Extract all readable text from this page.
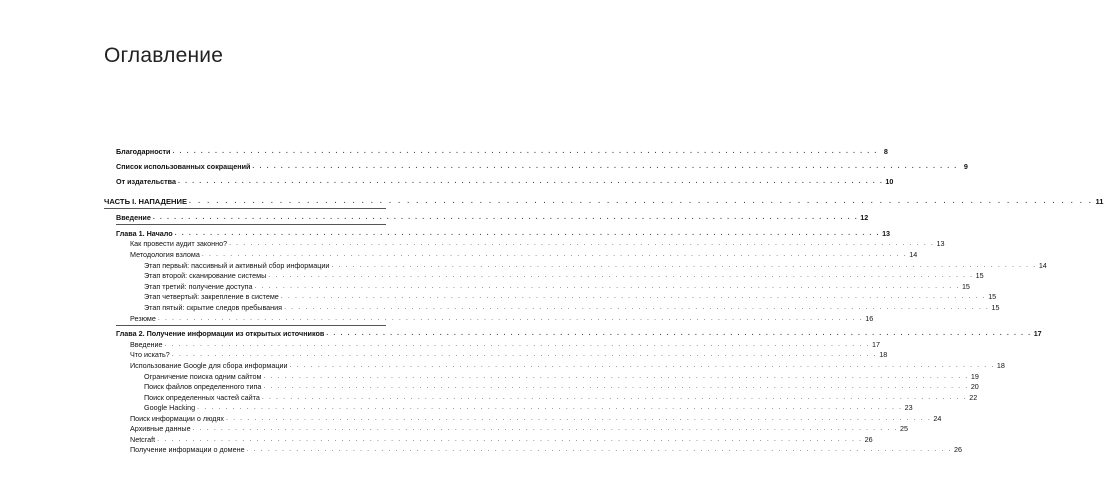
Оглавление
Благодарности . . . . . . . . . . . . . . . . . . . . . . . . . . . . . . . . . . . . . . . . . . . . . . . . . . . . . . . . . . . . . . . . . . . . . . . . . . . . . . . . . . . . . . . . . . . . . . . . . . . . 8
Список использованных сокращений . . . . . . . . . . . . . . . . . . . . . . . . . . . . . . . . . . . . . . . . . . . . . . . . . . . . . . . . . . . . . . . . . . . . . . . . . . . . . . . . . . . . . . . . . . . . . . . . . . . . 9
От издательства . . . . . . . . . . . . . . . . . . . . . . . . . . . . . . . . . . . . . . . . . . . . . . . . . . . . . . . . . . . . . . . . . . . . . . . . . . . . . . . . . . . . . . . . . . . . . . . . . . . . 10
ЧАСТЬ I. НАПАДЕНИЕ . . . . . . . . . . . . . . . . . . . . . . . . . . . . . . . . . . . . . . . . . . . . . . . . . . . . . . . . . . . . . . . . . . . . . . . . . . . . . . . . . . . . . . . . . . . . . . . . . . . . 11
Введение . . . . . . . . . . . . . . . . . . . . . . . . . . . . . . . . . . . . . . . . . . . . . . . . . . . . . . . . . . . . . . . . . . . . . . . . . . . . . . . . . . . . . . . . . . . . . . . . . . . . 12
Глава 1. Начало . . . . . . . . . . . . . . . . . . . . . . . . . . . . . . . . . . . . . . . . . . . . . . . . . . . . . . . . . . . . . . . . . . . . . . . . . . . . . . . . . . . . . . . . . . . . . . . . . . . . 13
Как провести аудит законно? . . . . . . . . . . . . . . . . . . . . . . . . . . . . . . . . . . . . . . . . . . . . . . . . . . . . . . . . . . . . . . . . . . . . . . . . . . . . . . . . . . . . . . . . . . . . . . . . . . . . 13
Методология взлома . . . . . . . . . . . . . . . . . . . . . . . . . . . . . . . . . . . . . . . . . . . . . . . . . . . . . . . . . . . . . . . . . . . . . . . . . . . . . . . . . . . . . . . . . . . . . . . . . . . . 14
Этап первый: пассивный и активный сбор информации . . . . . . . . . . . . . . . . . . . . . . . . . . . . . . . . . . . . . . . . . . . . . . . . . . . . . . . . . . . . . . . . . . . . . . . . . . . . . . . . . . . . . . . . . . . . . . . . . . . . 14
Этап второй: сканирование системы . . . . . . . . . . . . . . . . . . . . . . . . . . . . . . . . . . . . . . . . . . . . . . . . . . . . . . . . . . . . . . . . . . . . . . . . . . . . . . . . . . . . . . . . . . . . . . . . . . . . 15
Этап третий: получение доступа . . . . . . . . . . . . . . . . . . . . . . . . . . . . . . . . . . . . . . . . . . . . . . . . . . . . . . . . . . . . . . . . . . . . . . . . . . . . . . . . . . . . . . . . . . . . . . . . . . . . 15
Этап четвертый: закрепление в системе . . . . . . . . . . . . . . . . . . . . . . . . . . . . . . . . . . . . . . . . . . . . . . . . . . . . . . . . . . . . . . . . . . . . . . . . . . . . . . . . . . . . . . . . . . . . . . . . . . . . 15
Этап пятый: скрытие следов пребывания . . . . . . . . . . . . . . . . . . . . . . . . . . . . . . . . . . . . . . . . . . . . . . . . . . . . . . . . . . . . . . . . . . . . . . . . . . . . . . . . . . . . . . . . . . . . . . . . . . . . 15
Резюме . . . . . . . . . . . . . . . . . . . . . . . . . . . . . . . . . . . . . . . . . . . . . . . . . . . . . . . . . . . . . . . . . . . . . . . . . . . . . . . . . . . . . . . . . . . . . . . . . . . . 16
Глава 2. Получение информации из открытых источников . . . . . . . . . . . . . . . . . . . . . . . . . . . . . . . . . . . . . . . . . . . . . . . . . . . . . . . . . . . . . . . . . . . . . . . . . . . . . . . . . . . . . . . . . . . . . . . . . . . . 17
Введение . . . . . . . . . . . . . . . . . . . . . . . . . . . . . . . . . . . . . . . . . . . . . . . . . . . . . . . . . . . . . . . . . . . . . . . . . . . . . . . . . . . . . . . . . . . . . . . . . . . . 17
Что искать? . . . . . . . . . . . . . . . . . . . . . . . . . . . . . . . . . . . . . . . . . . . . . . . . . . . . . . . . . . . . . . . . . . . . . . . . . . . . . . . . . . . . . . . . . . . . . . . . . . . . 18
Использование Google для сбора информации . . . . . . . . . . . . . . . . . . . . . . . . . . . . . . . . . . . . . . . . . . . . . . . . . . . . . . . . . . . . . . . . . . . . . . . . . . . . . . . . . . . . . . . . . . . . . . . . . . . . 18
Ограничение поиска одним сайтом . . . . . . . . . . . . . . . . . . . . . . . . . . . . . . . . . . . . . . . . . . . . . . . . . . . . . . . . . . . . . . . . . . . . . . . . . . . . . . . . . . . . . . . . . . . . . . . . . . . . 19
Поиск файлов определенного типа . . . . . . . . . . . . . . . . . . . . . . . . . . . . . . . . . . . . . . . . . . . . . . . . . . . . . . . . . . . . . . . . . . . . . . . . . . . . . . . . . . . . . . . . . . . . . . . . . . . . 20
Поиск определенных частей сайта . . . . . . . . . . . . . . . . . . . . . . . . . . . . . . . . . . . . . . . . . . . . . . . . . . . . . . . . . . . . . . . . . . . . . . . . . . . . . . . . . . . . . . . . . . . . . . . . . . . . 22
Google Hacking . . . . . . . . . . . . . . . . . . . . . . . . . . . . . . . . . . . . . . . . . . . . . . . . . . . . . . . . . . . . . . . . . . . . . . . . . . . . . . . . . . . . . . . . . . . . . . . . . . . . 23
Поиск информации о людях . . . . . . . . . . . . . . . . . . . . . . . . . . . . . . . . . . . . . . . . . . . . . . . . . . . . . . . . . . . . . . . . . . . . . . . . . . . . . . . . . . . . . . . . . . . . . . . . . . . . 24
Архивные данные . . . . . . . . . . . . . . . . . . . . . . . . . . . . . . . . . . . . . . . . . . . . . . . . . . . . . . . . . . . . . . . . . . . . . . . . . . . . . . . . . . . . . . . . . . . . . . . . . . . . 25
Netcraft . . . . . . . . . . . . . . . . . . . . . . . . . . . . . . . . . . . . . . . . . . . . . . . . . . . . . . . . . . . . . . . . . . . . . . . . . . . . . . . . . . . . . . . . . . . . . . . . . . . . 26
Получение информации о домене . . . . . . . . . . . . . . . . . . . . . . . . . . . . . . . . . . . . . . . . . . . . . . . . . . . . . . . . . . . . . . . . . . . . . . . . . . . . . . . . . . . . . . . . . . . . . . . . . . . . 26
